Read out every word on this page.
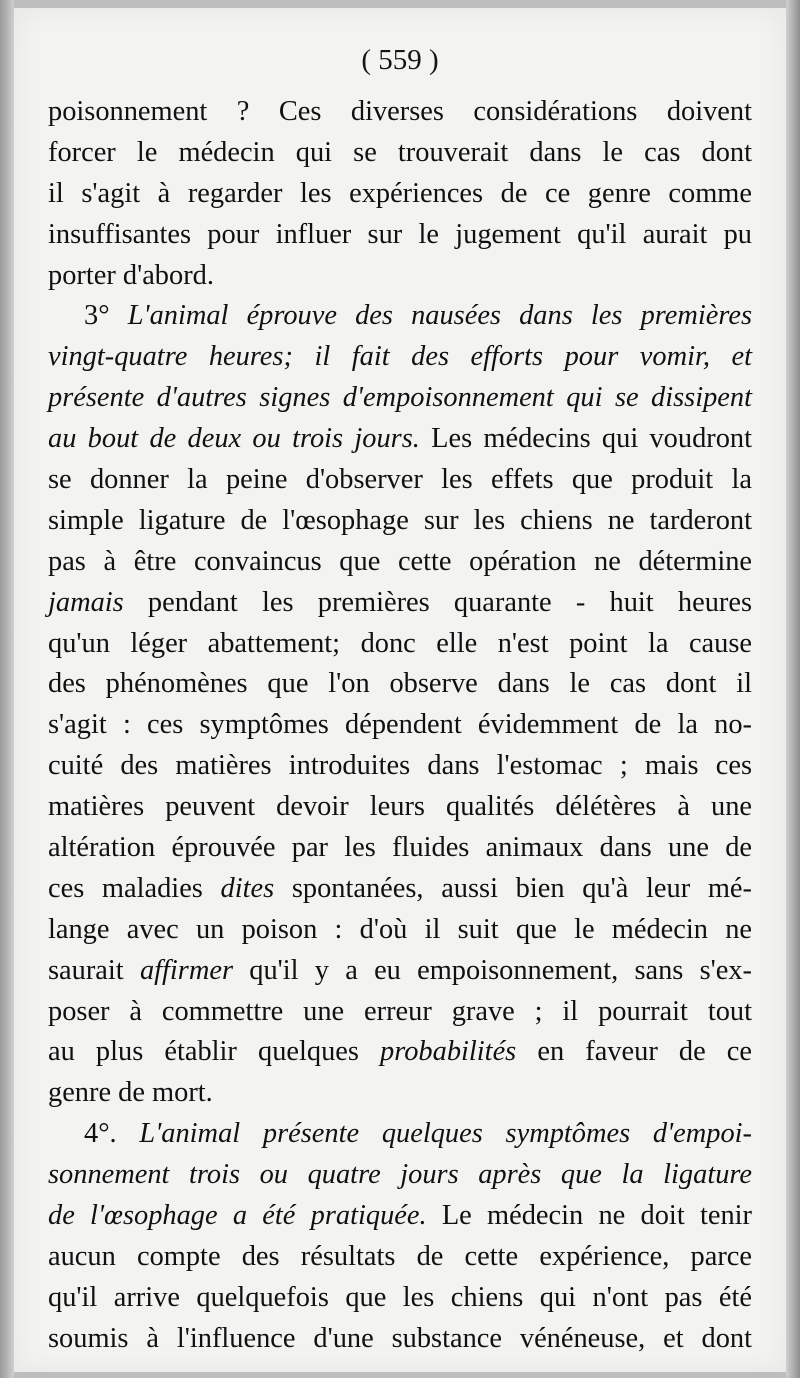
( 559 )
poisonnement ? Ces diverses considérations doivent
forcer le médecin qui se trouverait dans le cas dont
il s'agit à regarder les expériences de ce genre comme
insuffisantes pour influer sur le jugement qu'il aurait pu
porter d'abord.
3° L'animal éprouve des nausées dans les premières
vingt-quatre heures; il fait des efforts pour vomir, et
présente d'autres signes d'empoisonnement qui se dissipent
au bout de deux ou trois jours. Les médecins qui voudront
se donner la peine d'observer les effets que produit la
simple ligature de l'œsophage sur les chiens ne tarderont
pas à être convaincus que cette opération ne détermine
jamais pendant les premières quarante - huit heures
qu'un léger abattement; donc elle n'est point la cause
des phénomènes que l'on observe dans le cas dont il
s'agit : ces symptômes dépendent évidemment de la no-
cuité des matières introduites dans l'estomac ; mais ces
matières peuvent devoir leurs qualités délétères à une
altération éprouvée par les fluides animaux dans une de
ces maladies dites spontanées, aussi bien qu'à leur mé-
lange avec un poison : d'où il suit que le médecin ne
saurait affirmer qu'il y a eu empoisonnement, sans s'ex-
poser à commettre une erreur grave ; il pourrait tout
au plus établir quelques probabilités en faveur de ce
genre de mort.
4°. L'animal présente quelques symptômes d'empoi-
sonnement trois ou quatre jours après que la ligature
de l'œsophage a été pratiquée. Le médecin ne doit tenir
aucun compte des résultats de cette expérience, parce
qu'il arrive quelquefois que les chiens qui n'ont pas été
soumis à l'influence d'une substance vénéneuse, et dont
